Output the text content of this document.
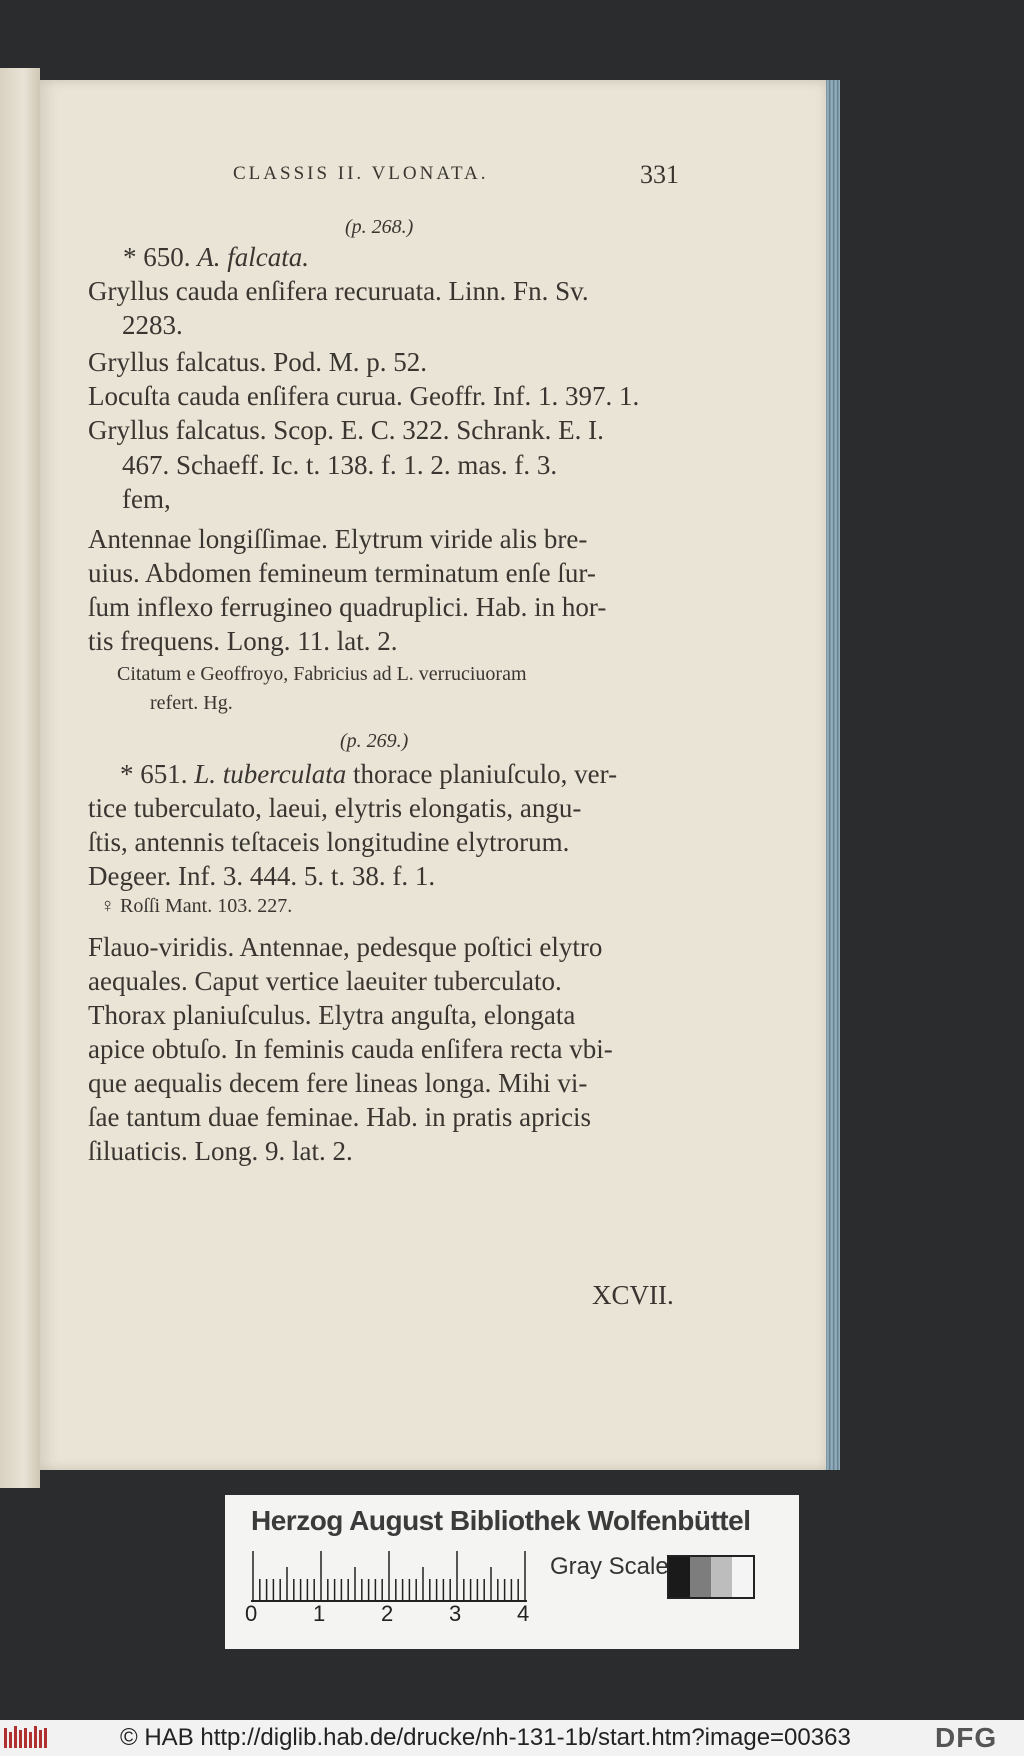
CLASSIS II. VLONATA.	331
(p. 268.)
* 650. A. falcata.
Gryllus cauda enſifera recuruata. Linn. Fn. Sv.
2283.
Gryllus falcatus. Pod. M. p. 52.
Locuſta cauda enſifera curua. Geoffr. Inf. 1. 397. 1.
Gryllus falcatus. Scop. E. C. 322. Schrank. E. I.
467. Schaeff. Ic. t. 138. f. 1. 2. mas. f. 3.
fem,
Antennae longiſſimae. Elytrum viride alis bre-
uius. Abdomen femineum terminatum enſe ſur-
ſum inflexo ferrugineo quadruplici. Hab. in hor-
tis frequens. Long. 11. lat. 2.
Citatum e Geoffroyo, Fabricius ad L. verruciuoram
refert. Hg.
(p. 269.)
* 651. L. tuberculata thorace planiuſculo, ver-
tice tuberculato, laeui, elytris elongatis, angu-
ſtis, antennis teſtaceis longitudine elytrorum.
Degeer. Inf. 3. 444. 5. t. 38. f. 1.
♀ Roſſi Mant. 103. 227.
Flauo-viridis. Antennae, pedesque poſtici elytro
aequales. Caput vertice laeuiter tuberculato.
Thorax planiuſculus. Elytra anguſta, elongata
apice obtuſo. In feminis cauda enſifera recta vbi-
que aequalis decem fere lineas longa. Mihi vi-
ſae tantum duae feminae. Hab. in pratis apricis
ſiluaticis. Long. 9. lat. 2.
XCVII.
Herzog August Bibliothek Wolfenbüttel
0	1	2	3	4
Gray Scale
© HAB http://diglib.hab.de/drucke/nh-131-1b/start.htm?image=00363	DFG
